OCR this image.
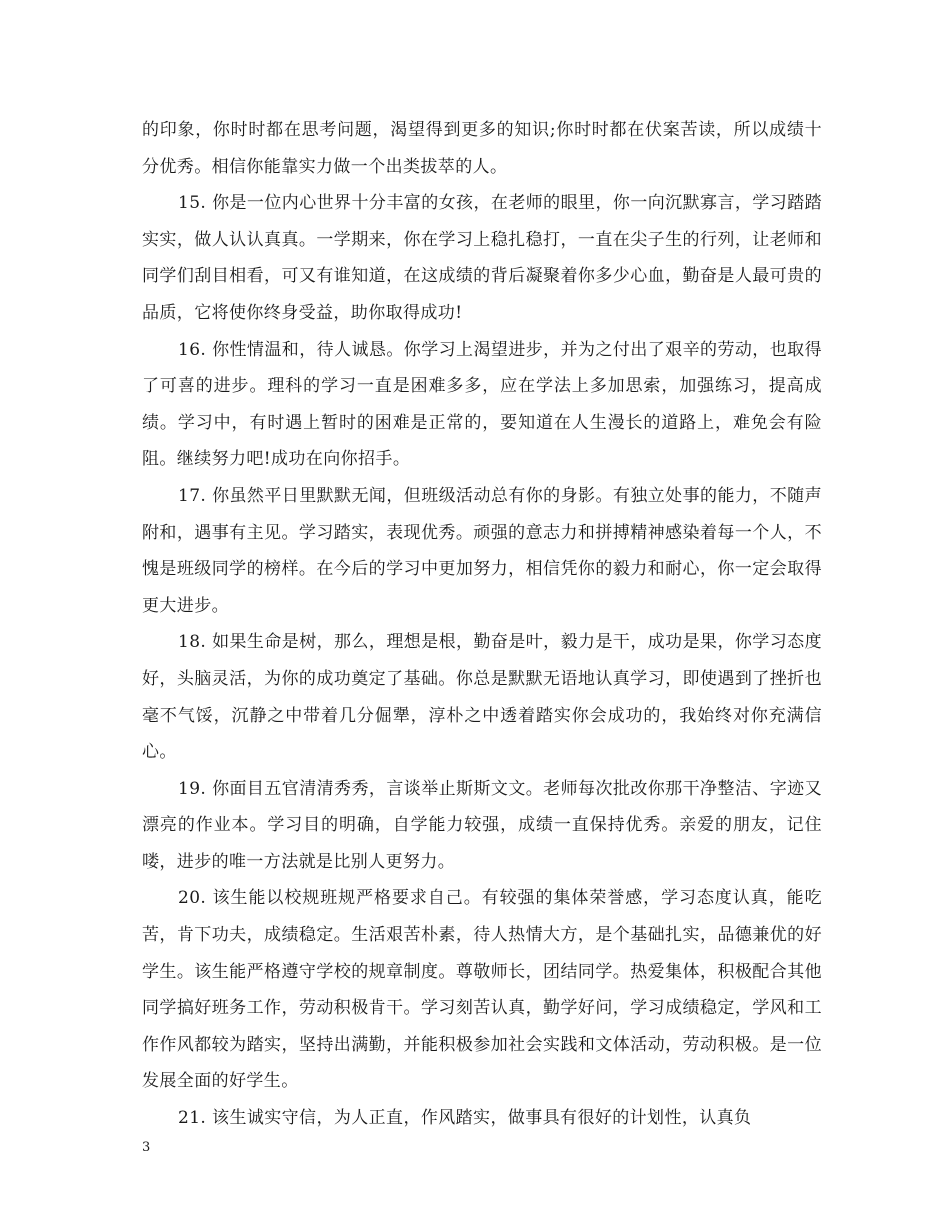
的印象，你时时都在思考问题，渴望得到更多的知识;你时时都在伏案苦读，所以成绩十分优秀。相信你能靠实力做一个出类拔萃的人。

15. 你是一位内心世界十分丰富的女孩，在老师的眼里，你一向沉默寡言，学习踏踏实实，做人认认真真。一学期来，你在学习上稳扎稳打，一直在尖子生的行列，让老师和同学们刮目相看，可又有谁知道，在这成绩的背后凝聚着你多少心血，勤奋是人最可贵的品质，它将使你终身受益，助你取得成功!

16. 你性情温和，待人诚恳。你学习上渴望进步，并为之付出了艰辛的劳动，也取得了可喜的进步。理科的学习一直是困难多多，应在学法上多加思索，加强练习，提高成绩。学习中，有时遇上暂时的困难是正常的，要知道在人生漫长的道路上，难免会有险阻。继续努力吧!成功在向你招手。

17. 你虽然平日里默默无闻，但班级活动总有你的身影。有独立处事的能力，不随声附和，遇事有主见。学习踏实，表现优秀。顽强的意志力和拼搏精神感染着每一个人，不愧是班级同学的榜样。在今后的学习中更加努力，相信凭你的毅力和耐心，你一定会取得更大进步。

18. 如果生命是树，那么，理想是根，勤奋是叶，毅力是干，成功是果，你学习态度好，头脑灵活，为你的成功奠定了基础。你总是默默无语地认真学习，即使遇到了挫折也毫不气馁，沉静之中带着几分倔犟，淳朴之中透着踏实你会成功的，我始终对你充满信心。

19. 你面目五官清清秀秀，言谈举止斯斯文文。老师每次批改你那干净整洁、字迹又漂亮的作业本。学习目的明确，自学能力较强，成绩一直保持优秀。亲爱的朋友，记住喽，进步的唯一方法就是比别人更努力。

20. 该生能以校规班规严格要求自己。有较强的集体荣誉感，学习态度认真，能吃苦，肯下功夫，成绩稳定。生活艰苦朴素，待人热情大方，是个基础扎实，品德兼优的好学生。该生能严格遵守学校的规章制度。尊敬师长，团结同学。热爱集体，积极配合其他同学搞好班务工作，劳动积极肯干。学习刻苦认真，勤学好问，学习成绩稳定，学风和工作作风都较为踏实，坚持出满勤，并能积极参加社会实践和文体活动，劳动积极。是一位发展全面的好学生。

21. 该生诚实守信，为人正直，作风踏实，做事具有很好的计划性，认真负

3
